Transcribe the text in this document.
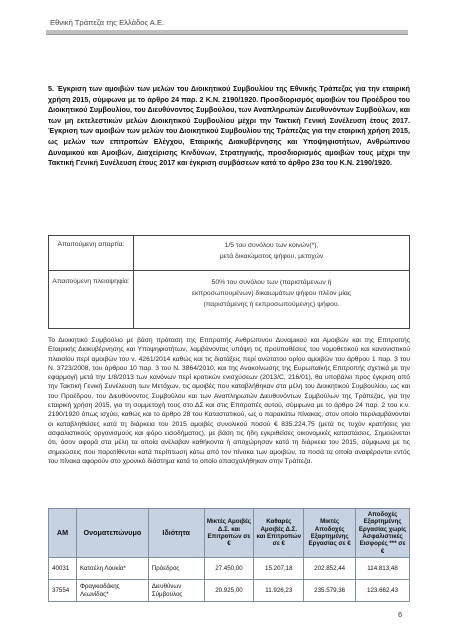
Εθνική Τράπεζα της Ελλάδος Α.Ε.
5. Έγκριση των αμοιβών των μελών του Διοικητικού Συμβουλίου της Εθνικής Τράπεζας για την εταιρική χρήση 2015, σύμφωνα με το άρθρο 24 παρ. 2 Κ.Ν. 2190/1920. Προσδιορισμός αμοιβών του Προέδρου του Διοικητικού Συμβουλίου, του Διευθύνοντος Συμβούλου, των Αναπληρωτών Διευθυνόντων Συμβούλων, και των μη εκτελεστικών μελών Διοικητικού Συμβουλίου μέχρι την Τακτική Γενική Συνέλευση έτους 2017. Έγκριση των αμοιβών των μελών του Διοικητικού Συμβουλίου της Τράπεζας για την εταιρική χρήση 2015, ως μελών των επιτροπών Ελέγχου, Εταιρικής Διακυβέρνησης και Υποψηφιοτήτων, Ανθρώπινου Δυναμικού και Αμοιβών, Διαχείρισης Κινδύνων, Στρατηγικής, προσδιορισμός αμοιβών τους μέχρι την Τακτική Γενική Συνέλευση έτους 2017 και έγκριση συμβάσεων κατά το άρθρο 23α του Κ.Ν. 2190/1920.
Απαιτούμενη απαρτία:	1/5 του συνόλου των κοινών(*),

μετά δικαιώματος ψήφου, μετοχών

Απαιτούμενη πλειοψηφία:	50% του συνόλου των (παριστάμενων ή

εκπροσωπουμένων) δικαιωμάτων ψήφου πλέον μίας

(παριστάμενης ή εκπροσωπούμενης) ψήφου.

Το Διοικητικό Συμβούλιο με βάση πρόταση της Επιτροπής Ανθρώπινου Δυναμικού και Αμοιβών και της Επιτροπής Εταιρικής Διακυβέρνησης και Υποψηφιοτήτων, λαμβάνοντας υπόψη τις προϋποθέσεις του νομοθετικού και κανονιστικού πλαισίου περί αμοιβών του ν. 4261/2014 καθώς και τις διατάξεις περί ανώτατου ορίου αμοιβών του άρθρου 1 παρ. 3 του Ν. 3723/2008, του άρθρου 10 παρ. 3 του Ν. 3864/2010, και της Ανακοίνωσης της Ευρωπαϊκής Επιτροπής σχετικά με την εφαρμογή μετά την 1/8/2013 των κανόνων περί κρατικών ενισχύσεων (2013/C, 216/01), θα υποβάλει προς έγκριση από την Τακτική Γενική Συνέλευση των Μετόχων, τις αμοιβές που καταβλήθηκαν στα μέλη του Διοικητικού Συμβουλίου, ως και του Προέδρου, του Διευθύνοντος Συμβούλου και των Αναπληρωτών Διευθυνόντων Συμβούλων της Τράπεζας, για την εταιρική χρήση 2015, για τη συμμετοχή τους στο ΔΣ και στις Επιτροπές αυτού, σύμφωνα με το άρθρο 24 παρ. 2 του κ.ν. 2190/1920 όπως ισχύει, καθώς και το άρθρο 28 του Καταστατικού, ως ο παρακάτω πίνακας, στον οποίο περιλαμβάνονται οι καταβληθείσες κατά τη διάρκεια του 2015 αμοιβές συνολικού ποσού € 835.224,75 (μετά τις τυχόν κρατήσεις για ασφαλιστικούς οργανισμούς και φόρο εισοδήματος), με βάση τις ήδη εγκριθείσες οικονομικές καταστάσεις. Σημειώνεται ότι, όσον αφορά στα μέλη τα οποία ανέλαβαν καθήκοντα ή αποχώρησαν κατά τη διάρκεια του 2015, σύμφωνα με τις σημειώσεις που παρατίθενται κατά περίπτωση κάτω από τον πίνακα των αμοιβών, τα ποσά τα οποία αναφέρονται εντός του πίνακα αφορούν στο χρονικό διάστημα κατά το οποίο απασχολήθηκαν στην Τράπεζα.
ΑΜ	Ονοματεπώνυμο	Ιδιότητα	Μικτές Αμοιβές Δ.Σ. και Επιτροπών σε €	Καθαρές Αμοιβές Δ.Σ. και Επιτροπών σε €	Μικτές Αποδοχές Εξαρτημένης Εργασίας σε €	Αποδοχές Εξαρτημένης Εργασίας χωρίς Ασφαλιστικές Εισφορές *** σε €
40031	Κατσέλη Λουκία*	Πρόεδρος	27.450,00	15.207,18	202.852,44	114.813,48
37554	Φραγκιαδάκης Λεωνίδας*	Διευθύνων Σύμβουλος	20.925,00	11.926,23	235.579,36	123.662,43
6
